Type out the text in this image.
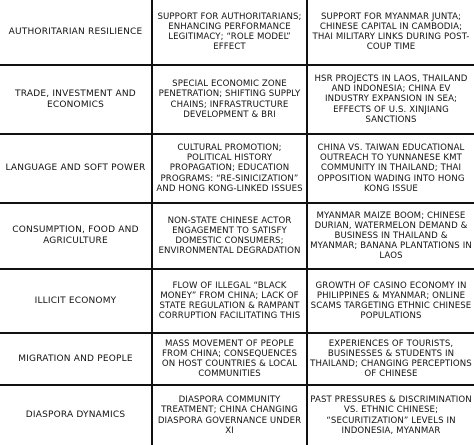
AUTHORITARIAN RESILIENCE	SUPPORT FOR AUTHORITARIANS; ENHANCING PERFORMANCE LEGITIMACY; “ROLE MODEL” EFFECT	SUPPORT FOR MYANMAR JUNTA; CHINESE CAPITAL IN CAMBODIA; THAI MILITARY LINKS DURING POST-COUP TIME
TRADE, INVESTMENT AND ECONOMICS	SPECIAL ECONOMIC ZONE PENETRATION; SHIFTING SUPPLY CHAINS; INFRASTRUCTURE DEVELOPMENT & BRI	HSR PROJECTS IN LAOS, THAILAND AND INDONESIA; CHINA EV INDUSTRY EXPANSION IN SEA; EFFECTS OF U.S. XINJIANG SANCTIONS
LANGUAGE AND SOFT POWER	CULTURAL PROMOTION; POLITICAL HISTORY PROPAGATION; EDUCATION PROGRAMS: “RE-SINICIZATION” AND HONG KONG-LINKED ISSUES	CHINA VS. TAIWAN EDUCATIONAL OUTREACH TO YUNNANESE KMT COMMUNITY IN THAILAND; THAI OPPOSITION WADING INTO HONG KONG ISSUE
CONSUMPTION, FOOD AND AGRICULTURE	NON-STATE CHINESE ACTOR ENGAGEMENT TO SATISFY DOMESTIC CONSUMERS; ENVIRONMENTAL DEGRADATION	MYANMAR MAIZE BOOM; CHINESE DURIAN, WATERMELON DEMAND & BUSINESS IN THAILAND & MYANMAR; BANANA PLANTATIONS IN LAOS
ILLICIT ECONOMY	FLOW OF ILLEGAL “BLACK MONEY” FROM CHINA; LACK OF STATE REGULATION & RAMPANT CORRUPTION FACILITATING THIS	GROWTH OF CASINO ECONOMY IN PHILIPPINES & MYANMAR; ONLINE SCAMS TARGETING ETHNIC CHINESE POPULATIONS
MIGRATION AND PEOPLE	MASS MOVEMENT OF PEOPLE FROM CHINA; CONSEQUENCES ON HOST COUNTRIES & LOCAL COMMUNITIES	EXPERIENCES OF TOURISTS, BUSINESSES & STUDENTS IN THAILAND; CHANGING PERCEPTIONS OF CHINESE
DIASPORA DYNAMICS	DIASPORA COMMUNITY TREATMENT; CHINA CHANGING DIASPORA GOVERNANCE UNDER XI	PAST PRESSURES & DISCRIMINATION VS. ETHNIC CHINESE; “SECURITIZATION” LEVELS IN INDONESIA, MYANMAR
